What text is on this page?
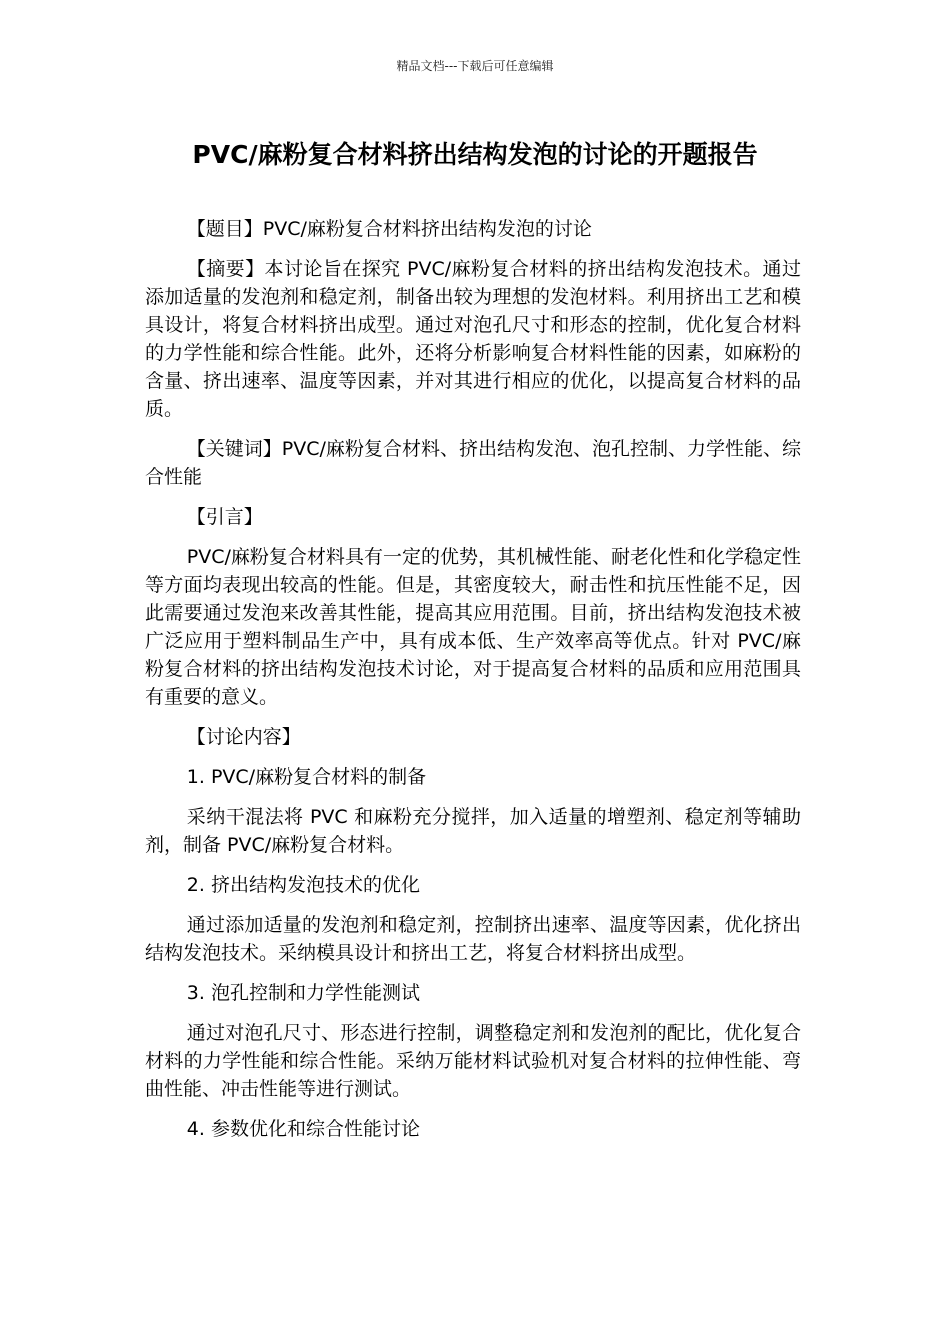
精品文档---下载后可任意编辑
PVC/麻粉复合材料挤出结构发泡的讨论的开题报告

【题目】PVC/麻粉复合材料挤出结构发泡的讨论

【摘要】本讨论旨在探究 PVC/麻粉复合材料的挤出结构发泡技术。通过添加适量的发泡剂和稳定剂，制备出较为理想的发泡材料。利用挤出工艺和模具设计，将复合材料挤出成型。通过对泡孔尺寸和形态的控制，优化复合材料的力学性能和综合性能。此外，还将分析影响复合材料性能的因素，如麻粉的含量、挤出速率、温度等因素，并对其进行相应的优化，以提高复合材料的品质。

【关键词】PVC/麻粉复合材料、挤出结构发泡、泡孔控制、力学性能、综合性能

【引言】

PVC/麻粉复合材料具有一定的优势，其机械性能、耐老化性和化学稳定性等方面均表现出较高的性能。但是，其密度较大，耐击性和抗压性能不足，因此需要通过发泡来改善其性能，提高其应用范围。目前，挤出结构发泡技术被广泛应用于塑料制品生产中，具有成本低、生产效率高等优点。针对 PVC/麻粉复合材料的挤出结构发泡技术讨论，对于提高复合材料的品质和应用范围具有重要的意义。

【讨论内容】

1. PVC/麻粉复合材料的制备

采纳干混法将 PVC 和麻粉充分搅拌，加入适量的增塑剂、稳定剂等辅助剂，制备 PVC/麻粉复合材料。

2. 挤出结构发泡技术的优化

通过添加适量的发泡剂和稳定剂，控制挤出速率、温度等因素，优化挤出结构发泡技术。采纳模具设计和挤出工艺，将复合材料挤出成型。

3. 泡孔控制和力学性能测试

通过对泡孔尺寸、形态进行控制，调整稳定剂和发泡剂的配比，优化复合材料的力学性能和综合性能。采纳万能材料试验机对复合材料的拉伸性能、弯曲性能、冲击性能等进行测试。

4. 参数优化和综合性能讨论
